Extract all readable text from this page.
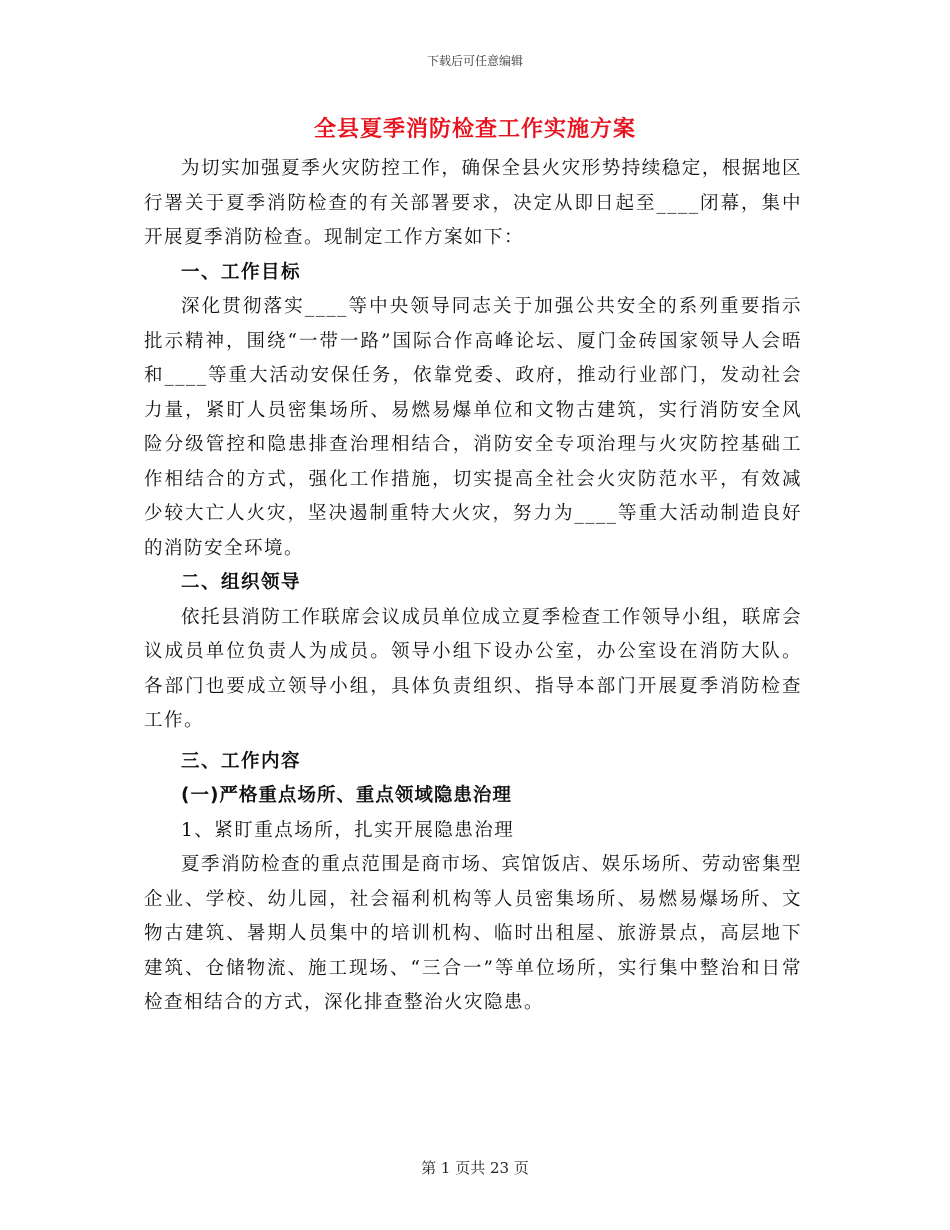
下载后可任意编辑
全县夏季消防检查工作实施方案

为切实加强夏季火灾防控工作，确保全县火灾形势持续稳定，根据地区行署关于夏季消防检查的有关部署要求，决定从即日起至____闭幕，集中开展夏季消防检查。现制定工作方案如下：

一、工作目标

深化贯彻落实____等中央领导同志关于加强公共安全的系列重要指示批示精神，围绕“一带一路”国际合作高峰论坛、厦门金砖国家领导人会晤和____等重大活动安保任务，依靠党委、政府，推动行业部门，发动社会力量，紧盯人员密集场所、易燃易爆单位和文物古建筑，实行消防安全风险分级管控和隐患排查治理相结合，消防安全专项治理与火灾防控基础工作相结合的方式，强化工作措施，切实提高全社会火灾防范水平，有效减少较大亡人火灾，坚决遏制重特大火灾，努力为____等重大活动制造良好的消防安全环境。

二、组织领导

依托县消防工作联席会议成员单位成立夏季检查工作领导小组，联席会议成员单位负责人为成员。领导小组下设办公室，办公室设在消防大队。各部门也要成立领导小组，具体负责组织、指导本部门开展夏季消防检查工作。

三、工作内容

(一)严格重点场所、重点领域隐患治理

1、紧盯重点场所，扎实开展隐患治理

夏季消防检查的重点范围是商市场、宾馆饭店、娱乐场所、劳动密集型企业、学校、幼儿园，社会福利机构等人员密集场所、易燃易爆场所、文物古建筑、暑期人员集中的培训机构、临时出租屋、旅游景点，高层地下建筑、仓储物流、施工现场、“三合一”等单位场所，实行集中整治和日常检查相结合的方式，深化排查整治火灾隐患。

第 1 页共 23 页
